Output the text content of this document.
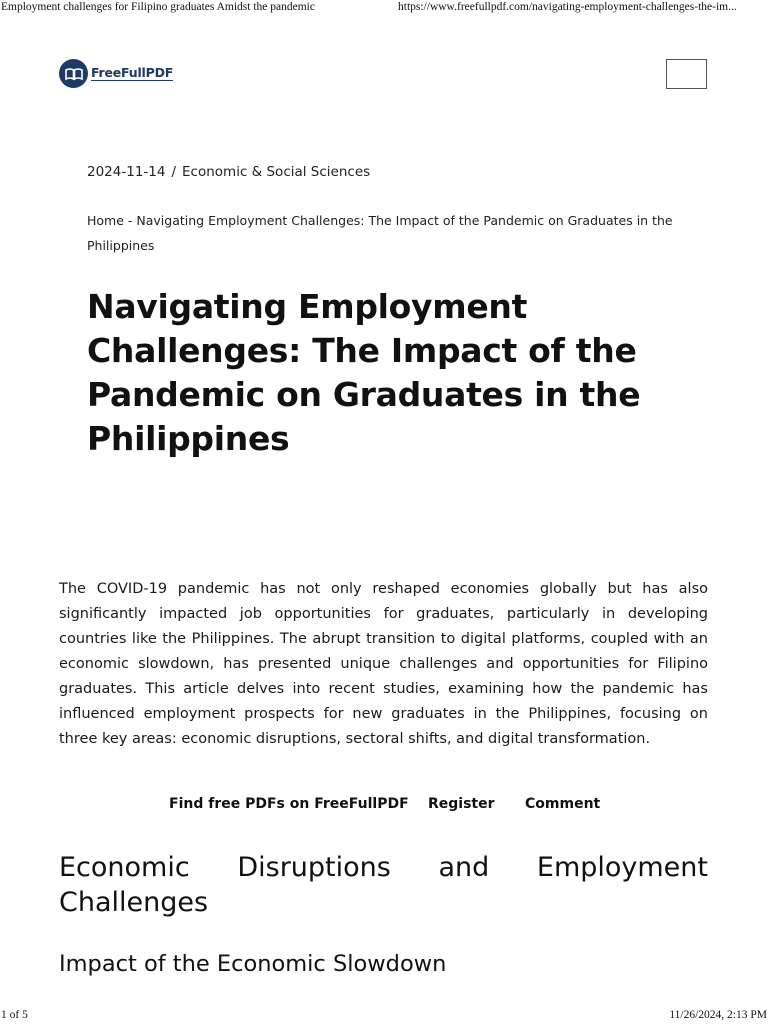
Employment challenges for Filipino graduates Amidst the pandemic	https://www.freefullpdf.com/navigating-employment-challenges-the-im...
FreeFullPDF
2024-11-14 / Economic & Social Sciences
Home - Navigating Employment Challenges: The Impact of the Pandemic on Graduates in the Philippines
Navigating Employment Challenges: The Impact of the Pandemic on Graduates in the Philippines

The COVID-19 pandemic has not only reshaped economies globally but has also significantly impacted job opportunities for graduates, particularly in developing countries like the Philippines. The abrupt transition to digital platforms, coupled with an economic slowdown, has presented unique challenges and opportunities for Filipino graduates. This article delves into recent studies, examining how the pandemic has influenced employment prospects for new graduates in the Philippines, focusing on three key areas: economic disruptions, sectoral shifts, and digital transformation.

Find free PDFs on FreeFullPDF Register Comment
Economic Disruptions and Employment Challenges
Impact of the Economic Slowdown
1 of 5	11/26/2024, 2:13 PM
